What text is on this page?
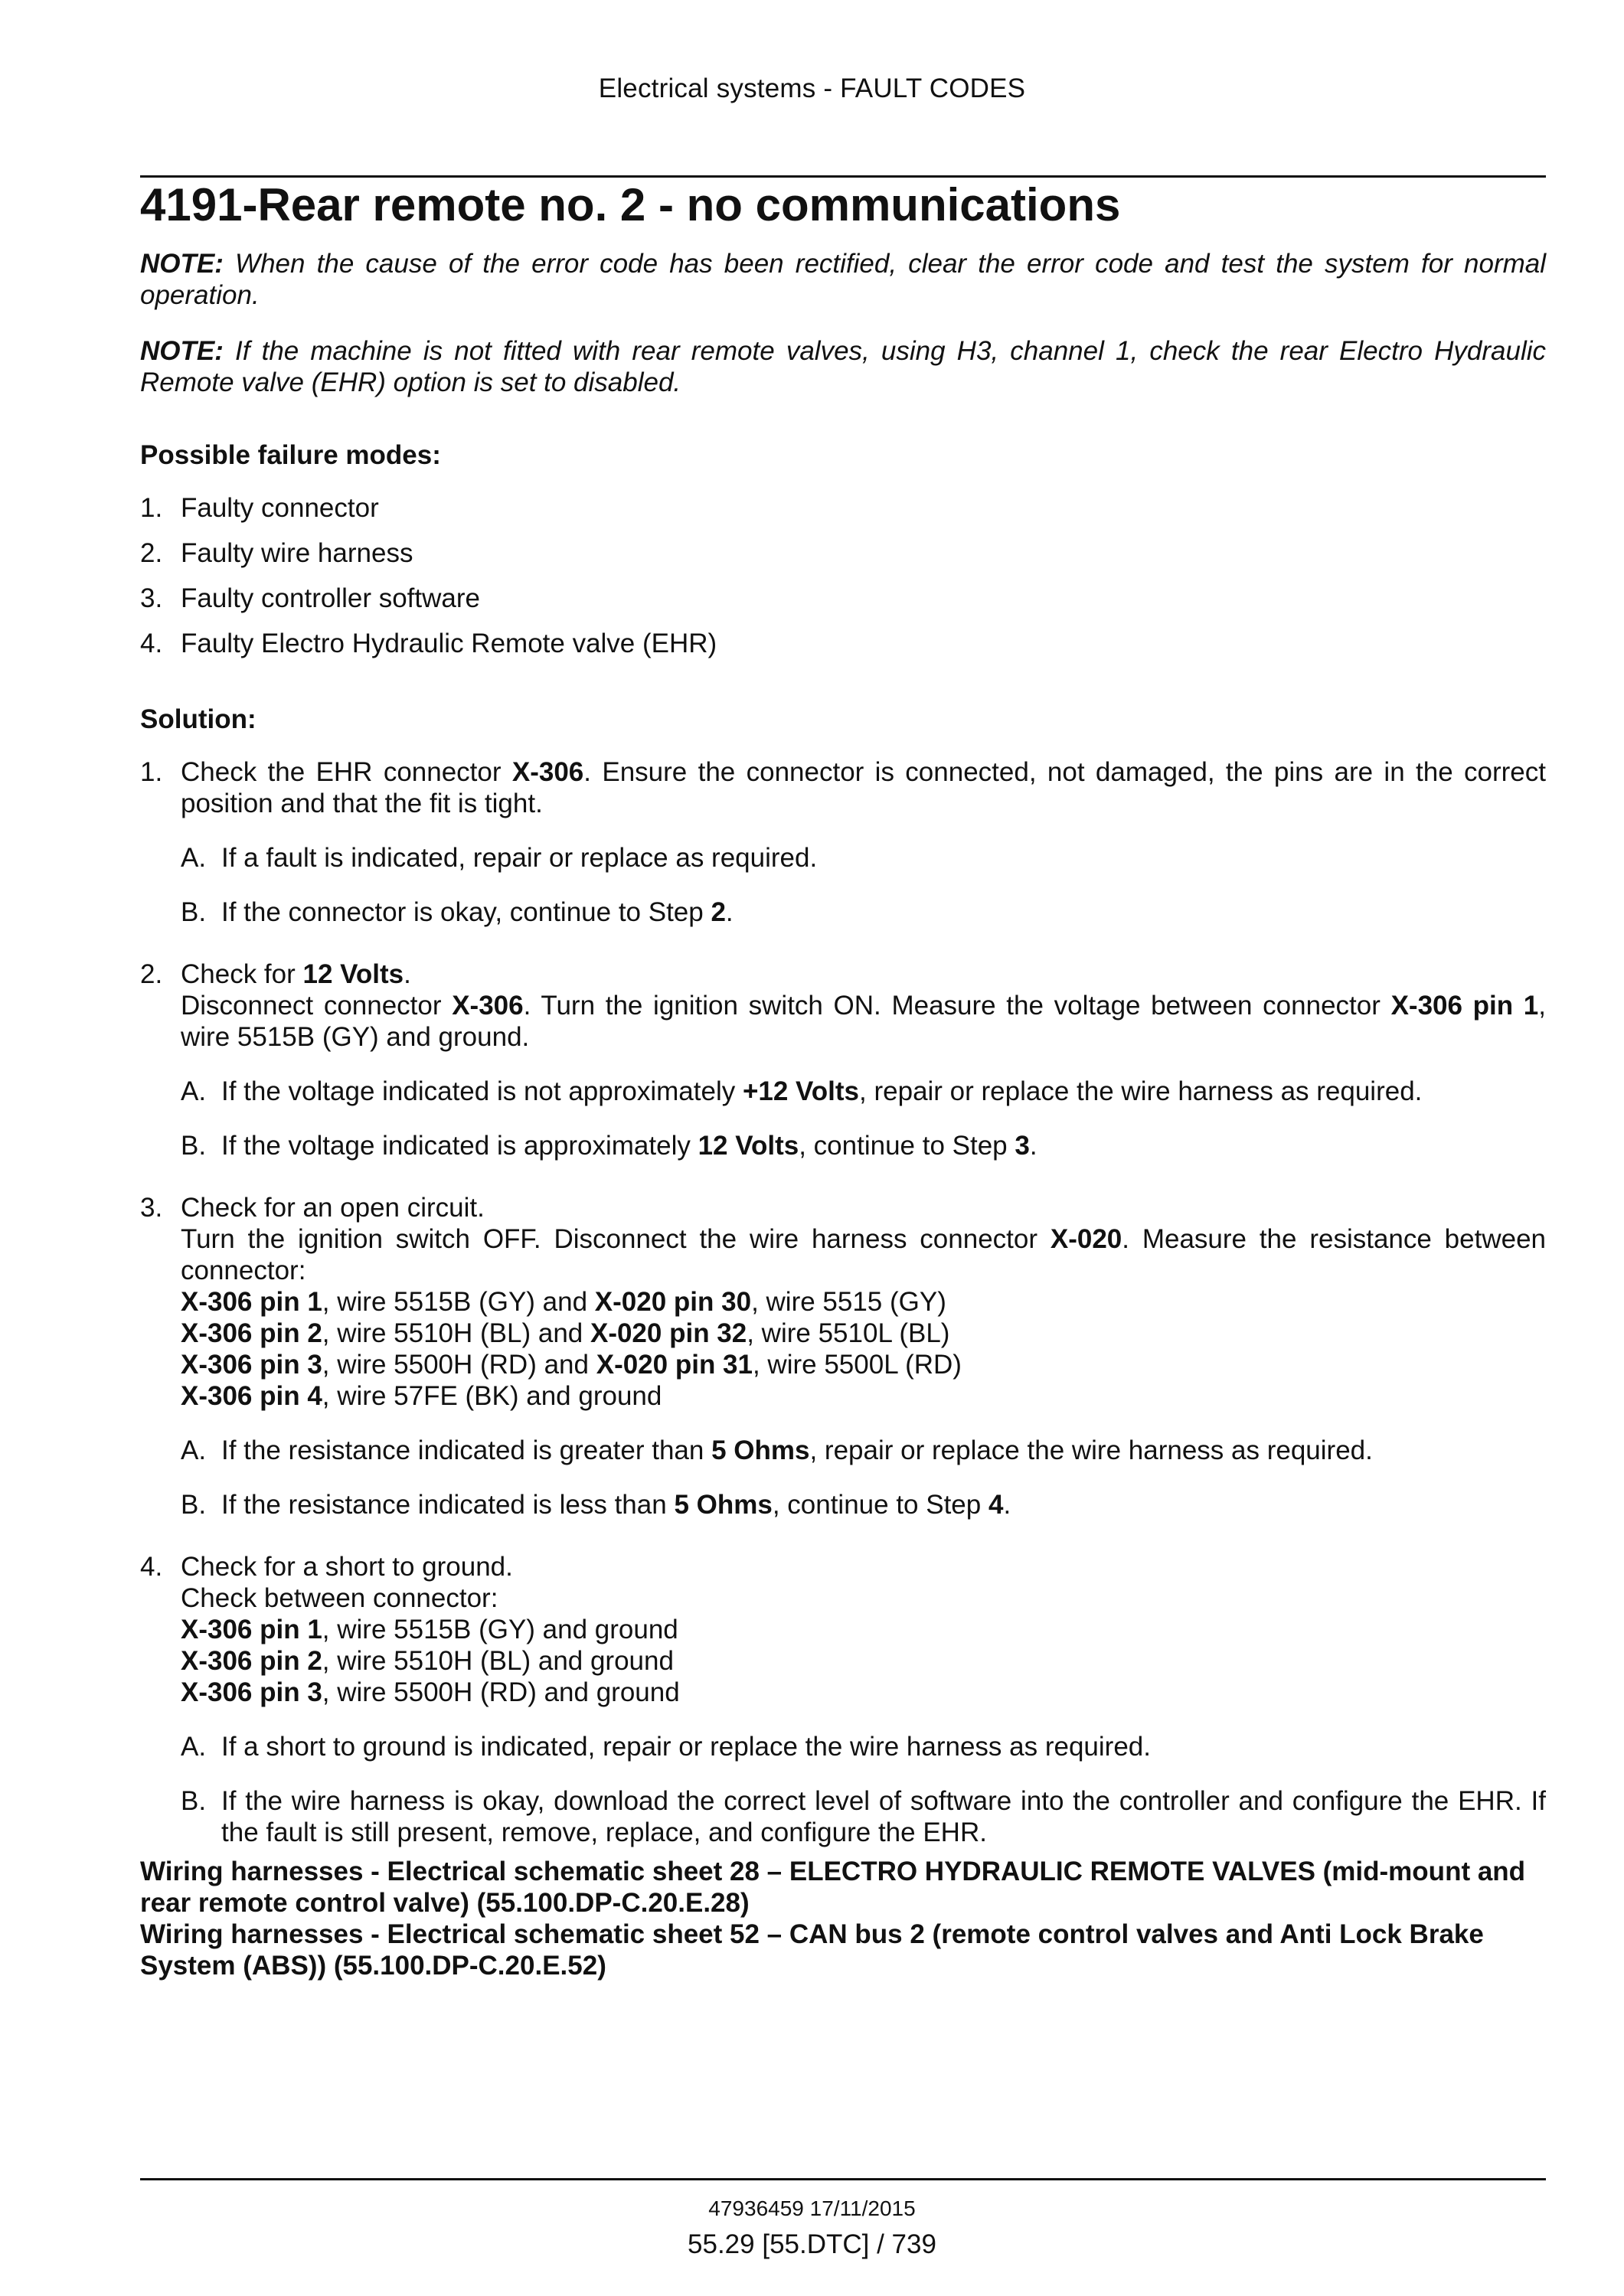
Electrical systems - FAULT CODES
4191-Rear remote no. 2 - no communications

NOTE: When the cause of the error code has been rectified, clear the error code and test the system for normal operation.

NOTE: If the machine is not fitted with rear remote valves, using H3, channel 1, check the rear Electro Hydraulic Remote valve (EHR) option is set to disabled.

Possible failure modes:
1. Faulty connector
2. Faulty wire harness
3. Faulty controller software
4. Faulty Electro Hydraulic Remote valve (EHR)
Solution:
1. Check the EHR connector X-306. Ensure the connector is connected, not damaged, the pins are in the correct position and that the fit is tight.

A. If a fault is indicated, repair or replace as required.
B. If the connector is okay, continue to Step 2.
2. Check for 12 Volts.

Disconnect connector X-306. Turn the ignition switch ON. Measure the voltage between connector X-306 pin 1, wire 5515B (GY) and ground.

A. If the voltage indicated is not approximately +12 Volts, repair or replace the wire harness as required.
B. If the voltage indicated is approximately 12 Volts, continue to Step 3.
3. Check for an open circuit.

Turn the ignition switch OFF. Disconnect the wire harness connector X-020. Measure the resistance between connector:

X-306 pin 1, wire 5515B (GY) and X-020 pin 30, wire 5515 (GY)

X-306 pin 2, wire 5510H (BL) and X-020 pin 32, wire 5510L (BL)

X-306 pin 3, wire 5500H (RD) and X-020 pin 31, wire 5500L (RD)

X-306 pin 4, wire 57FE (BK) and ground

A. If the resistance indicated is greater than 5 Ohms, repair or replace the wire harness as required.
B. If the resistance indicated is less than 5 Ohms, continue to Step 4.
4. Check for a short to ground.

Check between connector:

X-306 pin 1, wire 5515B (GY) and ground

X-306 pin 2, wire 5510H (BL) and ground

X-306 pin 3, wire 5500H (RD) and ground

A. If a short to ground is indicated, repair or replace the wire harness as required.
B. If the wire harness is okay, download the correct level of software into the controller and configure the EHR. If the fault is still present, remove, replace, and configure the EHR.

Wiring harnesses - Electrical schematic sheet 28 – ELECTRO HYDRAULIC REMOTE VALVES (mid-mount and rear remote control valve) (55.100.DP-C.20.E.28)

Wiring harnesses - Electrical schematic sheet 52 – CAN bus 2 (remote control valves and Anti Lock Brake System (ABS)) (55.100.DP-C.20.E.52)

47936459 17/11/2015
55.29 [55.DTC] / 739
